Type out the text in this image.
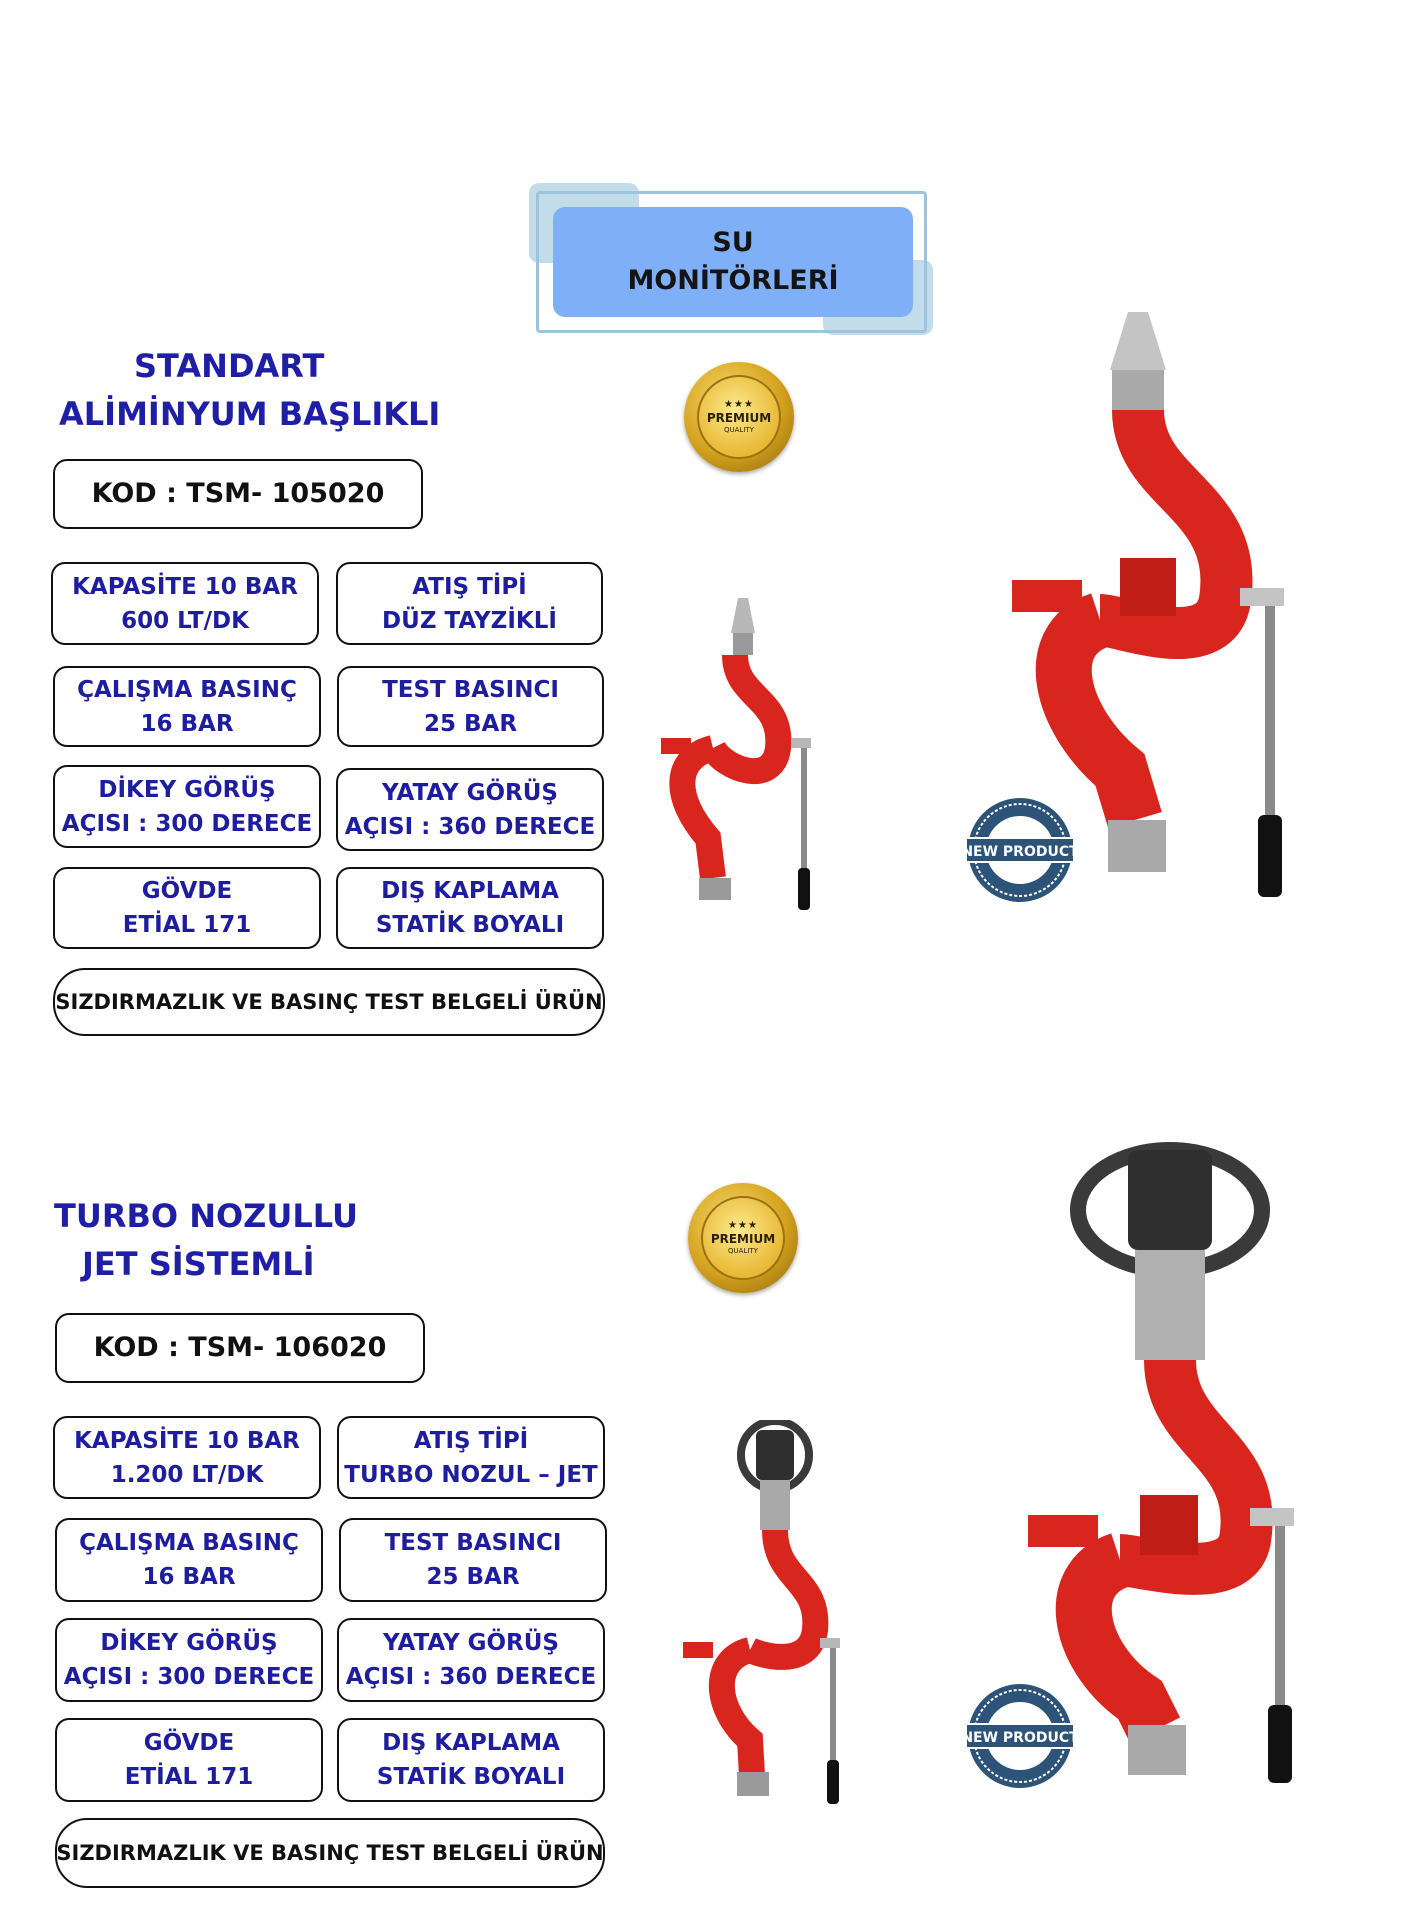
SU
MONİTÖRLERİ
STANDART
ALİMİNYUM BAŞLIKLI
KOD : TSM- 105020
KAPASİTE 10 BAR
600 LT/DK
ATIŞ TİPİ
DÜZ TAYZİKLİ
ÇALIŞMA BASINÇ
16 BAR
TEST BASINCI
25 BAR
DİKEY GÖRÜŞ
AÇISI : 300 DERECE
YATAY GÖRÜŞ
AÇISI : 360 DERECE
GÖVDE
ETİAL 171
DIŞ KAPLAMA
STATİK BOYALI
SIZDIRMAZLIK VE BASINÇ TEST BELGELİ ÜRÜN
★★★
PREMIUM
QUALITY
NEW PRODUCT
TURAL
TURAL
TURBO NOZULLU
JET SİSTEMLİ
KOD : TSM- 106020
KAPASİTE 10 BAR
1.200 LT/DK
ATIŞ TİPİ
TURBO NOZUL – JET
ÇALIŞMA BASINÇ
16 BAR
TEST BASINCI
25 BAR
DİKEY GÖRÜŞ
AÇISI : 300 DERECE
YATAY GÖRÜŞ
AÇISI : 360 DERECE
GÖVDE
ETİAL 171
DIŞ KAPLAMA
STATİK BOYALI
SIZDIRMAZLIK VE BASINÇ TEST BELGELİ ÜRÜN
★★★
PREMIUM
QUALITY
NEW PRODUCT
TURAL
TURAL
